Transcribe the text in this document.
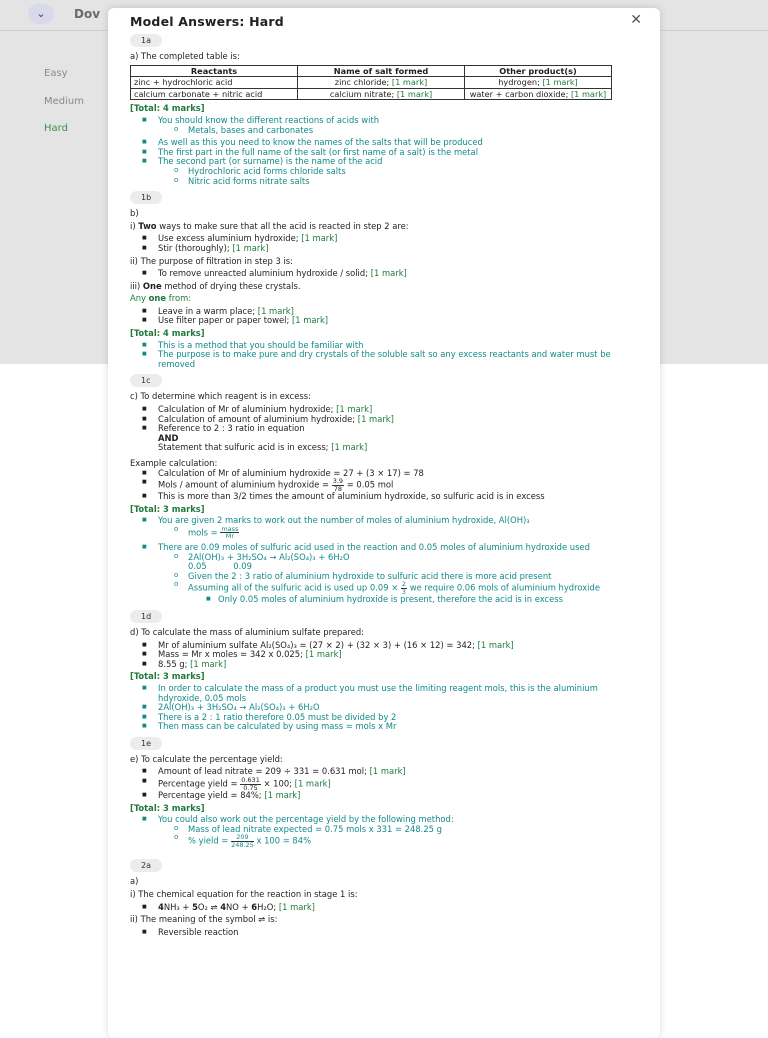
⌄	Dov
Easy
Medium
Hard
Model Answers: Hard	✕
1a
a) The completed table is:
Reactants	Name of salt formed	Other product(s)
zinc + hydrochloric acid	zinc chloride; [1 mark]	hydrogen; [1 mark]
calcium carbonate + nitric acid	calcium nitrate; [1 mark]	water + carbon dioxide; [1 mark]
[Total: 4 marks]
■ You should know the different reactions of acids with
o Metals, bases and carbonates
■ As well as this you need to know the names of the salts that will be produced
■ The first part in the full name of the salt (or first name of a salt) is the metal
■ The second part (or surname) is the name of the acid
o Hydrochloric acid forms chloride salts
o Nitric acid forms nitrate salts
1b
b)
i) Two ways to make sure that all the acid is reacted in step 2 are:
■ Use excess aluminium hydroxide; [1 mark]
■ Stir (thoroughly); [1 mark]
ii) The purpose of filtration in step 3 is:
■ To remove unreacted aluminium hydroxide / solid; [1 mark]
iii) One method of drying these crystals.
Any one from:
■ Leave in a warm place; [1 mark]
■ Use filter paper or paper towel; [1 mark]
[Total: 4 marks]
■ This is a method that you should be familiar with
■ The purpose is to make pure and dry crystals of the soluble salt so any excess reactants and water must be removed
1c
c) To determine which reagent is in excess:
■ Calculation of Mr of aluminium hydroxide; [1 mark]
■ Calculation of amount of aluminium hydroxide; [1 mark]
■ Reference to 2 : 3 ratio in equation
AND
Statement that sulfuric acid is in excess; [1 mark]
Example calculation:
■ Calculation of Mr of aluminium hydroxide = 27 + (3 × 17) = 78
■ Mols / amount of aluminium hydroxide = $\frac{3.9}{78} = 0.05$ mol
■ This is more than 3/2 times the amount of aluminium hydroxide, so sulfuric acid is in excess
[Total: 3 marks]
■ You are given 2 marks to work out the number of moles of aluminium hydroxide, Al(OH)₃
o mols = $\frac{\text{mass}}{Mr}$
■ There are 0.09 moles of sulfuric acid used in the reaction and 0.05 moles of aluminium hydroxide used
o 2Al(OH)₃ + 3H₂SO₄ → Al₂(SO₄)₃ + 6H₂O
0.05          0.09
o Given the 2 : 3 ratio of aluminium hydroxide to sulfuric acid there is more acid present
o Assuming all of the sulfuric acid is used up $0.09 \times \frac{2}{3}$ we require 0.06 mols of aluminium hydroxide
■ Only 0.05 moles of aluminium hydroxide is present, therefore the acid is in excess
1d
d) To calculate the mass of aluminium sulfate prepared:
■ Mr of aluminium sulfate Al₂(SO₄)₃ = (27 × 2) + (32 × 3) + (16 × 12) = 342; [1 mark]
■ Mass = Mr x moles = 342 x 0.025; [1 mark]
■ 8.55 g; [1 mark]
[Total: 3 marks]
■ In order to calculate the mass of a product you must use the limiting reagent mols, this is the aluminium hdyroxide, 0.05 mols
■ 2Al(OH)₃ + 3H₂SO₄ → Al₂(SO₄)₃ + 6H₂O
■ There is a 2 : 1 ratio therefore 0.05 must be divided by 2
■ Then mass can be calculated by using mass = mols x Mr
1e
e) To calculate the percentage yield:
■ Amount of lead nitrate = 209 ÷ 331 = 0.631 mol; [1 mark]
■ Percentage yield = $\frac{0.631}{0.75} \times 100$; [1 mark]
■ Percentage yield = 84%; [1 mark]
[Total: 3 marks]
■ You could also work out the percentage yield by the following method:
o Mass of lead nitrate expected = 0.75 mols x 331 = 248.25 g
o % yield = $\frac{209}{248.25}$ x 100 = 84%
2a
a)
i) The chemical equation for the reaction in stage 1 is:
■ 4NH₃ + 5O₂ ⇌ 4NO + 6H₂O; [1 mark]
ii) The meaning of the symbol ⇌ is:
■ Reversible reaction
